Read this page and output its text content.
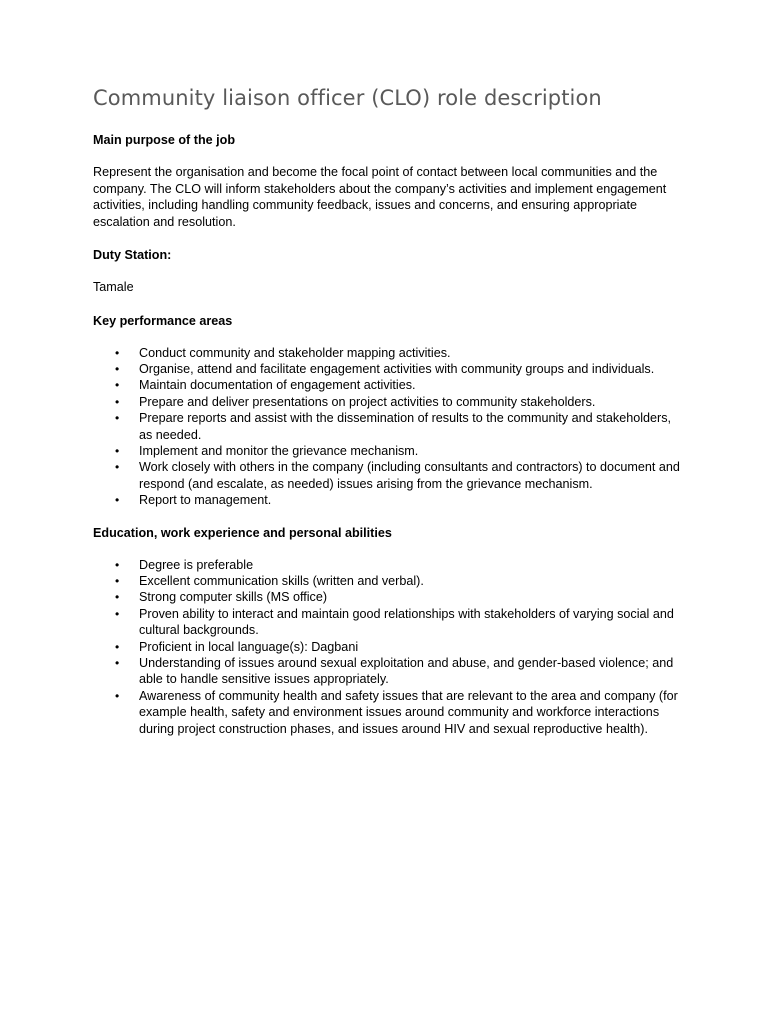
Community liaison officer (CLO) role description

Main purpose of the job

Represent the organisation and become the focal point of contact between local communities and the company. The CLO will inform stakeholders about the company’s activities and implement engagement activities, including handling community feedback, issues and concerns, and ensuring appropriate escalation and resolution.

Duty Station:

Tamale

Key performance areas

• Conduct community and stakeholder mapping activities.
• Organise, attend and facilitate engagement activities with community groups and individuals.
• Maintain documentation of engagement activities.
• Prepare and deliver presentations on project activities to community stakeholders.
• Prepare reports and assist with the dissemination of results to the community and stakeholders, as needed.
• Implement and monitor the grievance mechanism.
• Work closely with others in the company (including consultants and contractors) to document and respond (and escalate, as needed) issues arising from the grievance mechanism.
• Report to management.

Education, work experience and personal abilities

• Degree is preferable
• Excellent communication skills (written and verbal).
• Strong computer skills (MS office)
• Proven ability to interact and maintain good relationships with stakeholders of varying social and cultural backgrounds.
• Proficient in local language(s): Dagbani
• Understanding of issues around sexual exploitation and abuse, and gender-based violence; and able to handle sensitive issues appropriately.
• Awareness of community health and safety issues that are relevant to the area and company (for example health, safety and environment issues around community and workforce interactions during project construction phases, and issues around HIV and sexual reproductive health).
